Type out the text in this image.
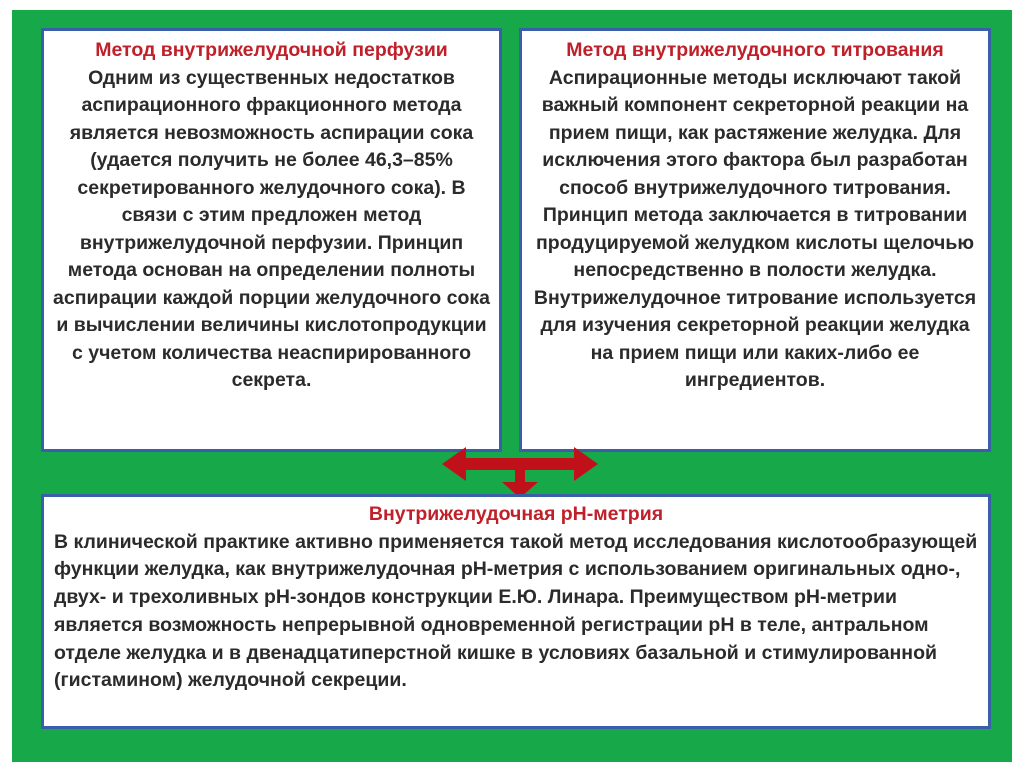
Метод внутрижелудочной перфузии
Одним из существенных недостатков аспирационного фракционного метода является невозможность аспирации сока (удается получить не более 46,3–85% секретированного желудочного сока). В связи с этим предложен метод внутрижелудочной перфузии. Принцип метода основан на определении полноты аспирации каждой порции желудочного сока и вычислении величины кислотопродукции с учетом количества неаспирированного секрета.
Метод внутрижелудочного титрования
Аспирационные методы исключают такой важный компонент секреторной реакции на прием пищи, как растяжение желудка. Для исключения этого фактора был разработан способ внутрижелудочного титрования. Принцип метода заключается в титровании продуцируемой желудком кислоты щелочью непосредственно в полости желудка. Внутрижелудочное титрование используется для изучения секреторной реакции желудка на прием пищи или каких-либо ее ингредиентов.
Внутрижелудочная рН-метрия
В клинической практике активно применяется такой метод исследования кислотообразующей функции желудка, как внутрижелудочная рН-метрия с использованием оригинальных одно-, двух- и трехоливных рН-зондов конструкции Е.Ю. Линара. Преимуществом рН-метрии является возможность непрерывной одновременной регистрации рН в теле, антральном отделе желудка и в двенадцатиперстной кишке в условиях базальной и стимулированной (гистамином) желудочной секреции.
